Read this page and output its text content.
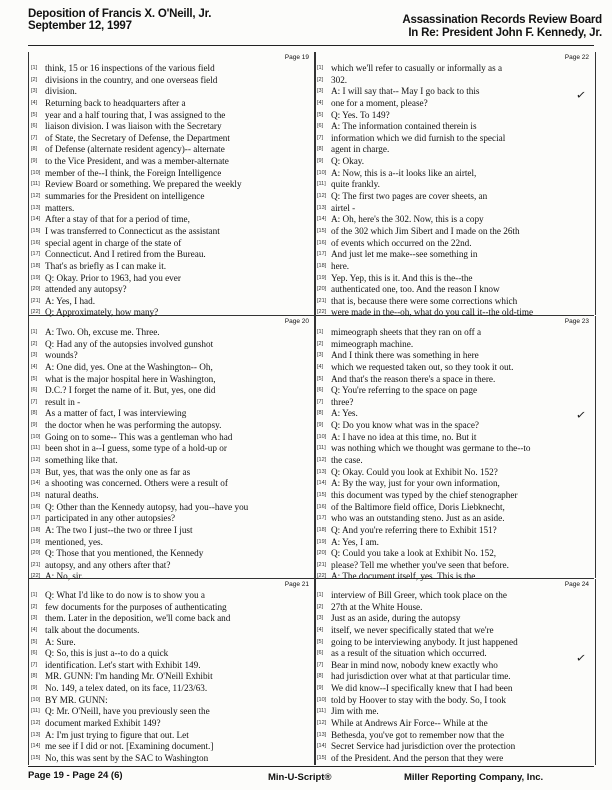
Deposition of Francis X. O'Neill, Jr.
September 12, 1997	Assassination Records Review Board
In Re: President John F. Kennedy, Jr.
Page 19
[1] think, 15 or 16 inspections of the various field
[2] divisions in the country, and one overseas field
[3] division.
[4] Returning back to headquarters after a
[5] year and a half touring that, I was assigned to the
[6] liaison division. I was liaison with the Secretary
[7] of State, the Secretary of Defense, the Department
[8] of Defense (alternate resident agency)-- alternate
[9] to the Vice President, and was a member-alternate
[10] member of the--I think, the Foreign Intelligence
[11] Review Board or something. We prepared the weekly
[12] summaries for the President on intelligence
[13] matters.
[14] After a stay of that for a period of time,
[15] I was transferred to Connecticut as the assistant
[16] special agent in charge of the state of
[17] Connecticut. And I retired from the Bureau.
[18] That's as briefly as I can make it.
[19] Q: Okay. Prior to 1963, had you ever
[20] attended any autopsy?
[21] A: Yes, I had.
[22] Q: Approximately, how many?
Page 20
[1] A: Two. Oh, excuse me. Three.
[2] Q: Had any of the autopsies involved gunshot
[3] wounds?
[4] A: One did, yes. One at the Washington-- Oh,
[5] what is the major hospital here in Washington,
[6] D.C.? I forget the name of it. But, yes, one did
[7] result in -
[8] As a matter of fact, I was interviewing
[9] the doctor when he was performing the autopsy.
[10] Going on to some-- This was a gentleman who had
[11] been shot in a--I guess, some type of a hold-up or
[12] something like that.
[13] But, yes, that was the only one as far as
[14] a shooting was concerned. Others were a result of
[15] natural deaths.
[16] Q: Other than the Kennedy autopsy, had you--have you
[17] participated in any other autopsies?
[18] A: The two I just--the two or three I just
[19] mentioned, yes.
[20] Q: Those that you mentioned, the Kennedy
[21] autopsy, and any others after that?
[22] A: No, sir.
Page 21
[1] Q: What I'd like to do now is to show you a
[2] few documents for the purposes of authenticating
[3] them. Later in the deposition, we'll come back and
[4] talk about the documents.
[5] A: Sure.
[6] Q: So, this is just a--to do a quick
[7] identification. Let's start with Exhibit 149.
[8] MR. GUNN: I'm handing Mr. O'Neill Exhibit
[9] No. 149, a telex dated, on its face, 11/23/63.
[10] BY MR. GUNN:
[11] Q: Mr. O'Neill, have you previously seen the
[12] document marked Exhibit 149?
[13] A: I'm just trying to figure that out. Let
[14] me see if I did or not. [Examining document.]
[15] No, this was sent by the SAC to Washington
Page 22
[1] which we'll refer to casually or informally as a
[2] 302.
[3] A: I will say that-- May I go back to this
[4] one for a moment, please?
[5] Q: Yes. To 149?
[6] A: The information contained therein is
[7] information which we did furnish to the special
[8] agent in charge.
[9] Q: Okay.
[10] A: Now, this is a--it looks like an airtel,
[11] quite frankly.
[12] Q: The first two pages are cover sheets, an
[13] airtel -
[14] A: Oh, here's the 302. Now, this is a copy
[15] of the 302 which Jim Sibert and I made on the 26th
[16] of events which occurred on the 22nd.
[17] And just let me make--see something in
[18] here.
[19] Yep. Yep, this is it. And this is the--the
[20] authenticated one, too. And the reason I know
[21] that is, because there were some corrections which
[22] were made in the--oh, what do you call it--the old-time
Page 23
[1] mimeograph sheets that they ran on off a
[2] mimeograph machine.
[3] And I think there was something in here
[4] which we requested taken out, so they took it out.
[5] And that's the reason there's a space in there.
[6] Q: You're referring to the space on page
[7] three?
[8] A: Yes.
[9] Q: Do you know what was in the space?
[10] A: I have no idea at this time, no. But it
[11] was nothing which we thought was germane to the--to
[12] the case.
[13] Q: Okay. Could you look at Exhibit No. 152?
[14] A: By the way, just for your own information,
[15] this document was typed by the chief stenographer
[16] of the Baltimore field office, Doris Liebknecht,
[17] who was an outstanding steno. Just as an aside.
[18] Q: And you're referring there to Exhibit 151?
[19] A: Yes, I am.
[20] Q: Could you take a look at Exhibit No. 152,
[21] please? Tell me whether you've seen that before.
[22] A: The document itself, yes. This is the
Page 24
[1] interview of Bill Greer, which took place on the
[2] 27th at the White House.
[3] Just as an aside, during the autopsy
[4] itself, we never specifically stated that we're
[5] going to be interviewing anybody. It just happened
[6] as a result of the situation which occurred.
[7] Bear in mind now, nobody knew exactly who
[8] had jurisdiction over what at that particular time.
[9] We did know--I specifically knew that I had been
[10] told by Hoover to stay with the body. So, I took
[11] Jim with me.
[12] While at Andrews Air Force-- While at the
[13] Bethesda, you've got to remember now that the
[14] Secret Service had jurisdiction over the protection
[15] of the President. And the person that they were
✓
✓
✓
Page 19 - Page 24 (6)	Min-U-Script®	Miller Reporting Company, Inc.
